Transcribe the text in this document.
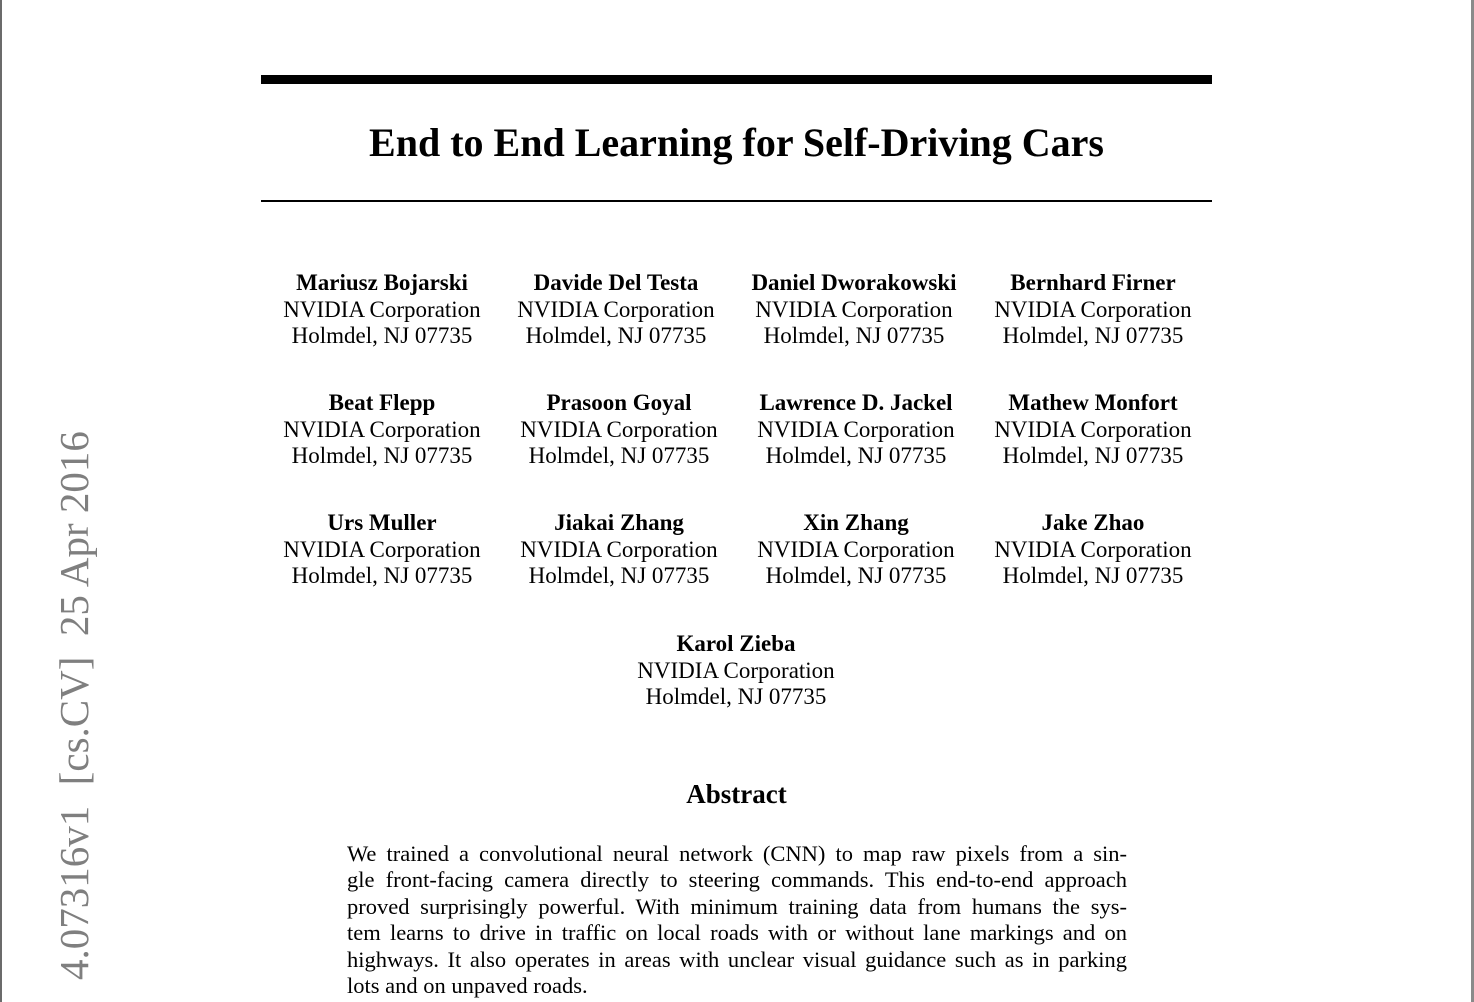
4.07316v1  [cs.CV]  25 Apr 2016
End to End Learning for Self-Driving Cars
Mariusz Bojarski
NVIDIA Corporation
Holmdel, NJ 07735
Davide Del Testa
NVIDIA Corporation
Holmdel, NJ 07735
Daniel Dworakowski
NVIDIA Corporation
Holmdel, NJ 07735
Bernhard Firner
NVIDIA Corporation
Holmdel, NJ 07735
Beat Flepp
NVIDIA Corporation
Holmdel, NJ 07735
Prasoon Goyal
NVIDIA Corporation
Holmdel, NJ 07735
Lawrence D. Jackel
NVIDIA Corporation
Holmdel, NJ 07735
Mathew Monfort
NVIDIA Corporation
Holmdel, NJ 07735
Urs Muller
NVIDIA Corporation
Holmdel, NJ 07735
Jiakai Zhang
NVIDIA Corporation
Holmdel, NJ 07735
Xin Zhang
NVIDIA Corporation
Holmdel, NJ 07735
Jake Zhao
NVIDIA Corporation
Holmdel, NJ 07735
Karol Zieba
NVIDIA Corporation
Holmdel, NJ 07735
Abstract
We trained a convolutional neural network (CNN) to map raw pixels from a sin-
gle front-facing camera directly to steering commands. This end-to-end approach
proved surprisingly powerful. With minimum training data from humans the sys-
tem learns to drive in traffic on local roads with or without lane markings and on
highways. It also operates in areas with unclear visual guidance such as in parking
lots and on unpaved roads.
